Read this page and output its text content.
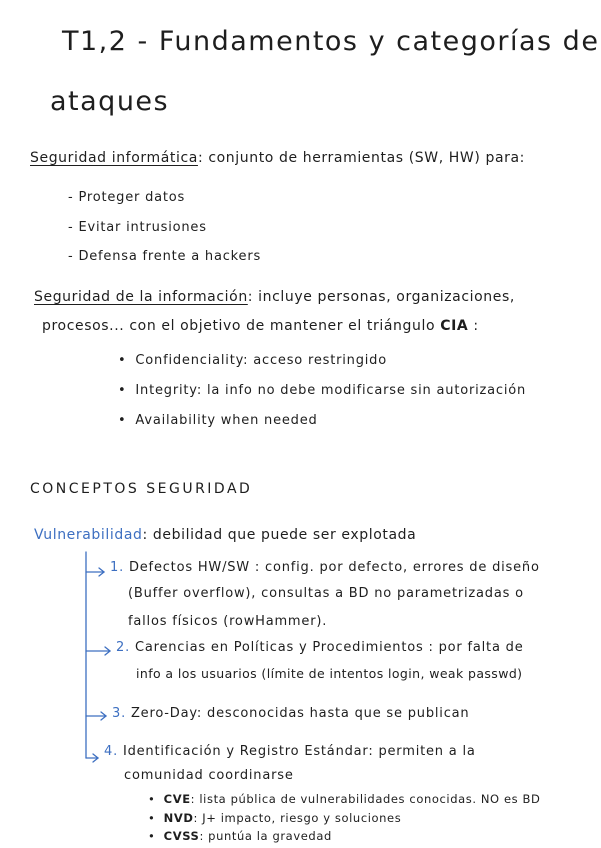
T1,2 - Fundamentos y categorías de
ataques
Seguridad informática: conjunto de herramientas (SW, HW) para:
- Proteger datos
- Evitar intrusiones
- Defensa frente a hackers
Seguridad de la información: incluye personas, organizaciones,
procesos... con el objetivo de mantener el triángulo CIA :
• Confidenciality: acceso restringido
• Integrity: la info no debe modificarse sin autorización
• Availability when needed
CONCEPTOS SEGURIDAD
Vulnerabilidad: debilidad que puede ser explotada
1. Defectos HW/SW : config. por defecto, errores de diseño
(Buffer overflow), consultas a BD no parametrizadas o
fallos físicos (rowHammer).
2. Carencias en Políticas y Procedimientos : por falta de
info a los usuarios (límite de intentos login, weak passwd)
3. Zero-Day: desconocidas hasta que se publican
4. Identificación y Registro Estándar: permiten a la
comunidad coordinarse
• CVE: lista pública de vulnerabilidades conocidas. NO es BD
• NVD: J+ impacto, riesgo y soluciones
• CVSS: puntúa la gravedad
